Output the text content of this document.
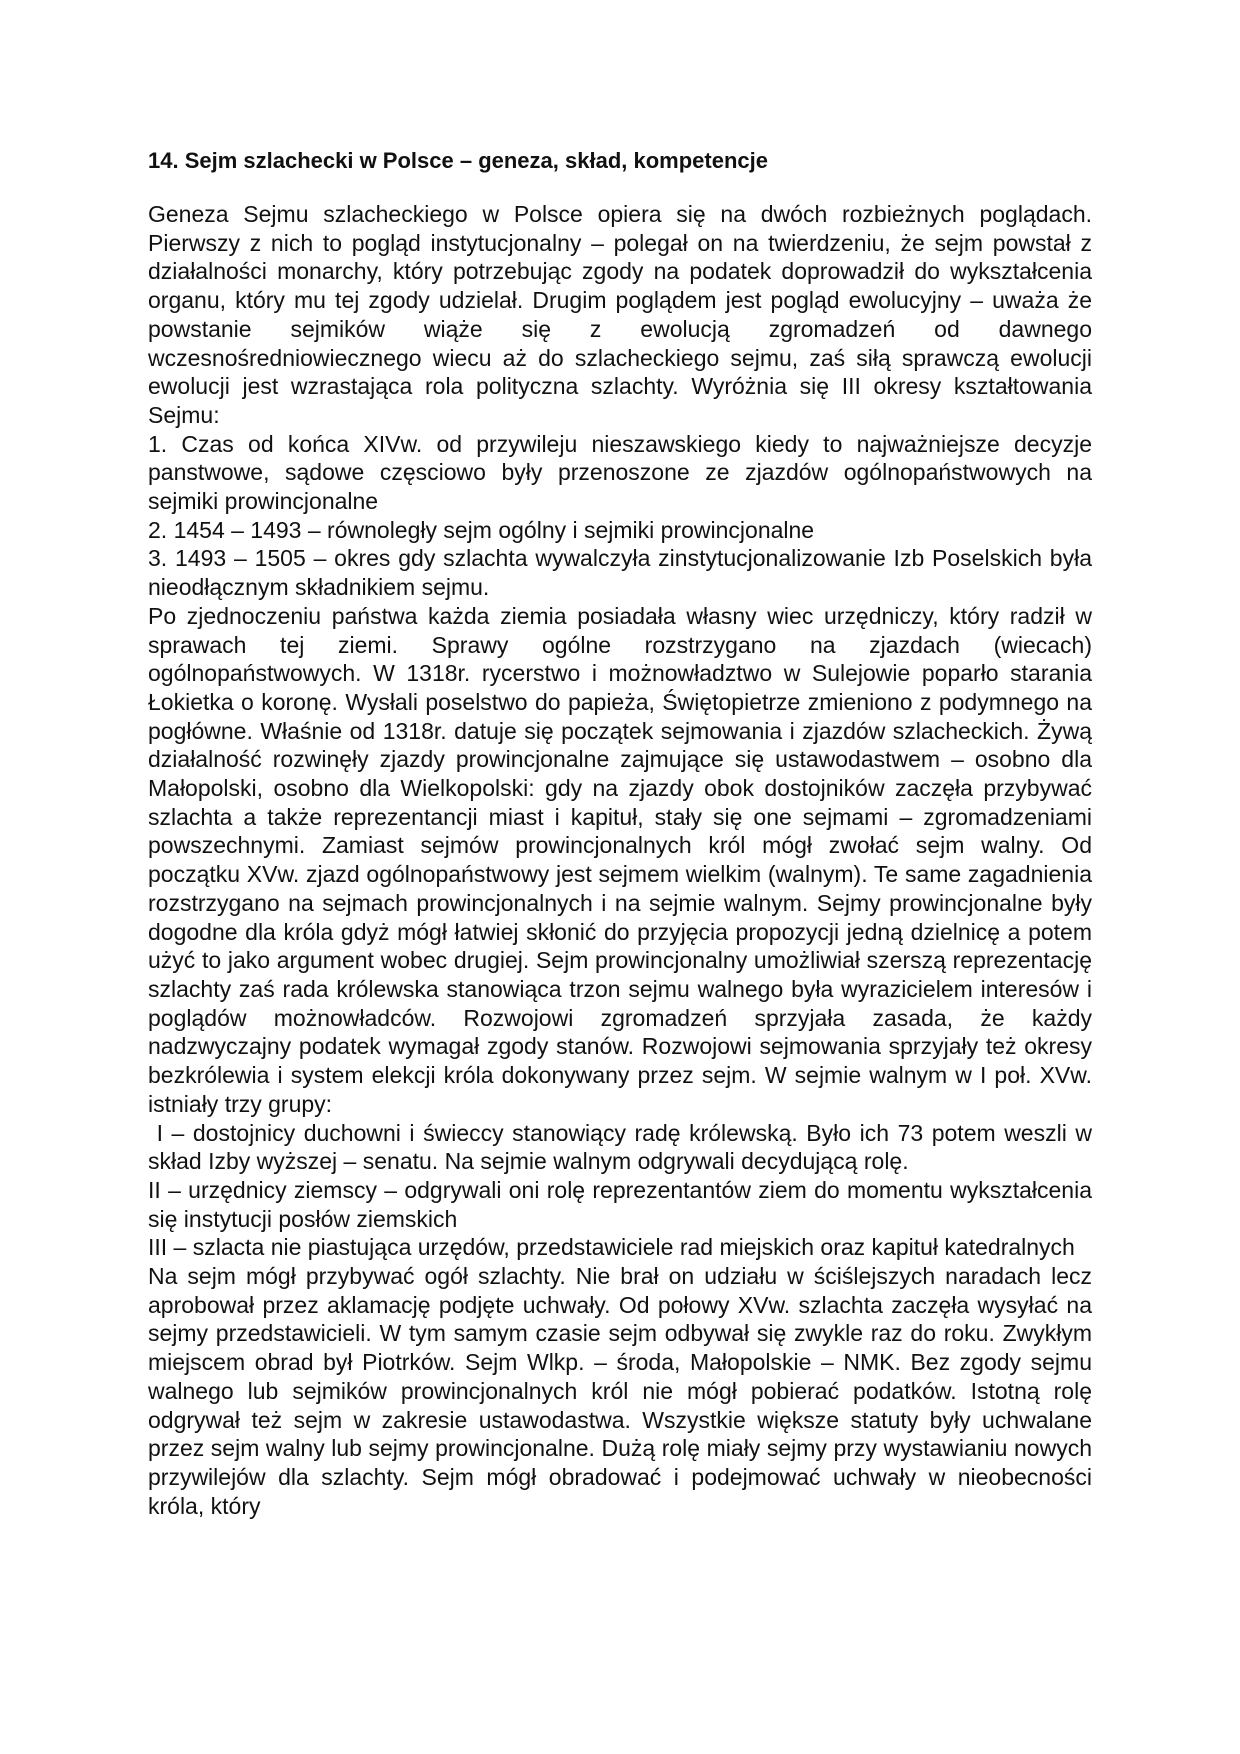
14. Sejm szlachecki w Polsce – geneza, skład, kompetencje

Geneza Sejmu szlacheckiego w Polsce opiera się na dwóch rozbieżnych poglądach. Pierwszy z nich to pogląd instytucjonalny – polegał on na twierdzeniu, że sejm powstał z działalności monarchy, który potrzebując zgody na podatek doprowadził do wykształcenia organu, który mu tej zgody udzielał. Drugim poglądem jest pogląd ewolucyjny – uważa że powstanie sejmików wiąże się z ewolucją zgromadzeń od dawnego wczesnośredniowiecznego wiecu aż do szlacheckiego sejmu, zaś siłą sprawczą ewolucji ewolucji jest wzrastająca rola polityczna szlachty. Wyróżnia się III okresy kształtowania Sejmu:

1. Czas od końca XIVw. od przywileju nieszawskiego kiedy to najważniejsze decyzje panstwowe, sądowe częsciowo były przenoszone ze zjazdów ogólnopaństwowych na sejmiki prowincjonalne

2. 1454 – 1493 – równoległy sejm ogólny i sejmiki prowincjonalne

3. 1493 – 1505 – okres gdy szlachta wywalczyła zinstytucjonalizowanie Izb Poselskich była nieodłącznym składnikiem sejmu.

Po zjednoczeniu państwa każda ziemia posiadała własny wiec urzędniczy, który radził w sprawach tej ziemi. Sprawy ogólne rozstrzygano na zjazdach (wiecach) ogólnopaństwowych. W 1318r. rycerstwo i możnowładztwo w Sulejowie poparło starania Łokietka o koronę. Wysłali poselstwo do papieża, Świętopietrze zmieniono z podymnego na pogłówne. Właśnie od 1318r. datuje się początek sejmowania i zjazdów szlacheckich. Żywą działalność rozwinęły zjazdy prowincjonalne zajmujące się ustawodastwem – osobno dla Małopolski, osobno dla Wielkopolski: gdy na zjazdy obok dostojników zaczęła przybywać szlachta a także reprezentancji miast i kapituł, stały się one sejmami – zgromadzeniami powszechnymi. Zamiast sejmów prowincjonalnych król mógł zwołać sejm walny. Od początku XVw. zjazd ogólnopaństwowy jest sejmem wielkim (walnym). Te same zagadnienia rozstrzygano na sejmach prowincjonalnych i na sejmie walnym. Sejmy prowincjonalne były dogodne dla króla gdyż mógł łatwiej skłonić do przyjęcia propozycji jedną dzielnicę a potem użyć to jako argument wobec drugiej. Sejm prowincjonalny umożliwiał szerszą reprezentację szlachty zaś rada królewska stanowiąca trzon sejmu walnego była wyrazicielem interesów i poglądów możnowładców. Rozwojowi zgromadzeń sprzyjała zasada, że każdy nadzwyczajny podatek wymagał zgody stanów. Rozwojowi sejmowania sprzyjały też okresy bezkrólewia i system elekcji króla dokonywany przez sejm. W sejmie walnym w I poł. XVw. istniały trzy grupy:

I – dostojnicy duchowni i świeccy stanowiący radę królewską. Było ich 73 potem weszli w skład Izby wyższej – senatu. Na sejmie walnym odgrywali decydującą rolę.

II – urzędnicy ziemscy – odgrywali oni rolę reprezentantów ziem do momentu wykształcenia się instytucji posłów ziemskich

III – szlacta nie piastująca urzędów, przedstawiciele rad miejskich oraz kapituł katedralnych

Na sejm mógł przybywać ogół szlachty. Nie brał on udziału w ściślejszych naradach lecz aprobował przez aklamację podjęte uchwały. Od połowy XVw. szlachta zaczęła wysyłać na sejmy przedstawicieli. W tym samym czasie sejm odbywał się zwykle raz do roku. Zwykłym miejscem obrad był Piotrków. Sejm Wlkp. – środa, Małopolskie – NMK. Bez zgody sejmu walnego lub sejmików prowincjonalnych król nie mógł pobierać podatków. Istotną rolę odgrywał też sejm w zakresie ustawodastwa. Wszystkie większe statuty były uchwalane przez sejm walny lub sejmy prowincjonalne. Dużą rolę miały sejmy przy wystawianiu nowych przywilejów dla szlachty. Sejm mógł obradować i podejmować uchwały w nieobecności króla, który
